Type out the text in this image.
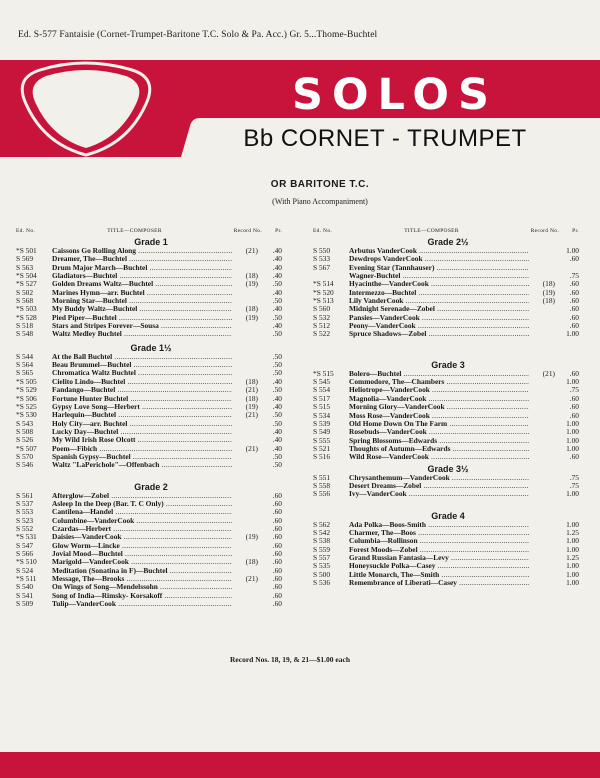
Ed. S-577 Fantaisie (Cornet-Trumpet-Baritone T.C. Solo & Pa. Acc.) Gr. 5...Thome-Buchtel
SOLOS
Bb CORNET - TRUMPET
OR BARITONE T.C.
(With Piano Accompaniment)
Ed. No.	TITLE—COMPOSER	Record No.	Pr.
Grade 1
*S 501	Caissons Go Rolling Along .....	(21)	.40
S 569	Dreamer, The—Buchtel .....	.40
S 563	Drum Major March—Buchtel .....	.40
*S 504	Gladiators—Buchtel .....	(18)	.40
*S 527	Golden Dreams Waltz—Buchtel .....	(19)	.50
S 502	Marines Hymn—arr. Buchtel .....	.40
S 568	Morning Star—Buchtel .....	.50
*S 503	My Buddy Waltz—Buchtel .....	(18)	.40
*S 528	Pied Piper—Buchtel .....	(19)	.50
S 518	Stars and Stripes Forever—Sousa .....	.40
S 548	Waltz Medley Buchtel .....	.50
Grade 1½
S 544	At the Ball Buchtel .....	.50
S 564	Beau Brummel—Buchtel .....	.50
S 565	Chromatica Waltz Buchtel .....	.50
*S 505	Cielito Lindo—Buchtel .....	(18)	.40
*S 529	Fandango—Buchtel .....	(21)	.50
*S 506	Fortune Hunter Buchtel .....	(18)	.40
*S 525	Gypsy Love Song—Herbert .....	(19)	.40
*S 530	Harlequin—Buchtel .....	(21)	.50
S 543	Holy City—arr. Buchtel .....	.50
S 508	Lucky Day—Buchtel .....	.40
S 526	My Wild Irish Rose Olcott .....	.40
*S 507	Poem—Fibich .....	(21)	.40
S 570	Spanish Gypsy—Buchtel .....	.50
S 546	Waltz "LaPericholе"—Offenbach .....	.50
Grade 2
S 561	Afterglow—Zobel .....	.60
S 537	Asleep In the Deep (Bar. T. C Only) .....	.60
S 553	Cantilena—Handel .....	.60
S 523	Columbine—VanderCook .....	.60
S 552	Czardas—Herbert .....	.60
*S 531	Daisies—VanderCook .....	(19)	.60
S 547	Glow Worm—Lincke .....	.60
S 566	Jovial Mood—Buchtel .....	.60
*S 510	Marigold—VanderCook .....	(18)	.60
S 524	Meditation (Sonatina in F)—Buchtel .....	.60
*S 511	Message, The—Brooks .....	(21)	.60
S 540	On Wings of Song—Mendelssohn .....	.60
S 541	Song of India—Rimsky- Korsakoff .....	.60
S 509	Tulip—VanderCook .....	.60
Ed. No.	TITLE—COMPOSER	Record No.	Pr.
Grade 2½
S 550	Arbutus VanderCook .....	1.00
S 533	Dewdrops VanderCook .....	.60
S 567	Evening Star (Tannhauser) .....
Wagner-Buchtel .....	.75
*S 514	Hyacinthe—VanderCook .....	(18)	.60
*S 520	Intermezzo—Buchtel .....	(19)	.60
*S 513	Lily VanderCook .....	(18)	.60
S 560	Midnight Serenade—Zobel .....	.60
S 532	Pansies—VanderCook .....	.60
S 512	Peony—VanderCook .....	.60
S 522	Spruce Shadows—Zobel .....	1.00
Grade 3
*S 515	Bolero—Buchtel .....	(21)	.60
S 545	Commodore, The—Chambers .....	1.00
S 554	Heliotrope—VanderCook .....	.75
S 517	Magnolia—VanderCook .....	.60
S 515	Morning Glory—VanderCook .....	.60
S 534	Moss Rose—VanderCook .....	.60
S 539	Old Home Down On The Farm .....	1.00
S 549	Rosebuds—VanderCook .....	1.00
S 555	Spring Blossoms—Edwards .....	1.00
S 521	Thoughts of Autumn—Edwards .....	1.00
S 516	Wild Rose—VanderCook .....	.60
Grade 3½
S 551	Chrysanthemum—VanderCook .....	.75
S 558	Desert Dreams—Zobel .....	.75
S 556	Ivy—VanderCook .....	1.00
Grade 4
S 562	Ada Polka—Boos-Smith .....	1.00
S 542	Charmer, The—Boos .....	1.25
S 538	Columbia—Rollinson .....	1.00
S 559	Forest Moods—Zobel .....	1.00
S 557	Grand Russian Fantasia—Levy .....	1.25
S 535	Honeysuckle Polka—Casey .....	1.00
S 500	Little Monarch, The—Smith .....	1.00
S 536	Remembrance of Liberati—Casey .....	1.00
Record Nos. 18, 19, & 21—$1.00 each
